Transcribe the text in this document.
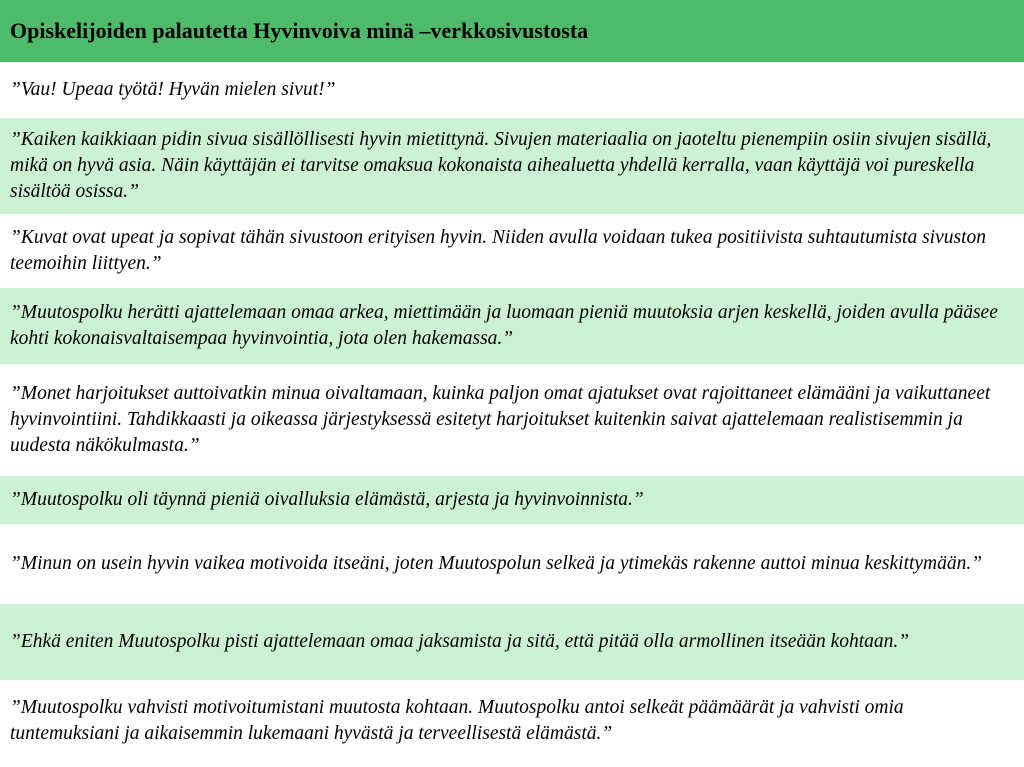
Opiskelijoiden palautetta Hyvinvoiva minä –verkkosivustosta
”Vau! Upeaa työtä! Hyvän mielen sivut!”
”Kaiken kaikkiaan pidin sivua sisällöllisesti hyvin mietittynä. Sivujen materiaalia on jaoteltu pienempiin osiin sivujen sisällä, mikä on hyvä asia. Näin käyttäjän ei tarvitse omaksua kokonaista aihealuetta yhdellä kerralla, vaan käyttäjä voi pureskella sisältöä osissa.”
”Kuvat ovat upeat ja sopivat tähän sivustoon erityisen hyvin. Niiden avulla voidaan tukea positiivista suhtautumista sivuston teemoihin liittyen.”
”Muutospolku herätti ajattelemaan omaa arkea, miettimään ja luomaan pieniä muutoksia arjen keskellä, joiden avulla pääsee kohti kokonaisvaltaisempaa hyvinvointia, jota olen hakemassa.”
”Monet harjoitukset auttoivatkin minua oivaltamaan, kuinka paljon omat ajatukset ovat rajoittaneet elämääni ja vaikuttaneet hyvinvointiini. Tahdikkaasti ja oikeassa järjestyksessä esitetyt harjoitukset kuitenkin saivat ajattelemaan realistisemmin ja uudesta näkökulmasta.”
”Muutospolku oli täynnä pieniä oivalluksia elämästä, arjesta ja hyvinvoinnista.”
”Minun on usein hyvin vaikea motivoida itseäni, joten Muutospolun selkeä ja ytimekäs rakenne auttoi minua keskittymään.”
”Ehkä eniten Muutospolku pisti ajattelemaan omaa jaksamista ja sitä, että pitää olla armollinen itseään kohtaan.”
”Muutospolku vahvisti motivoitumistani muutosta kohtaan. Muutospolku antoi selkeät päämäärät ja vahvisti omia tuntemuksiani ja aikaisemmin lukemaani hyvästä ja terveellisestä elämästä.”
